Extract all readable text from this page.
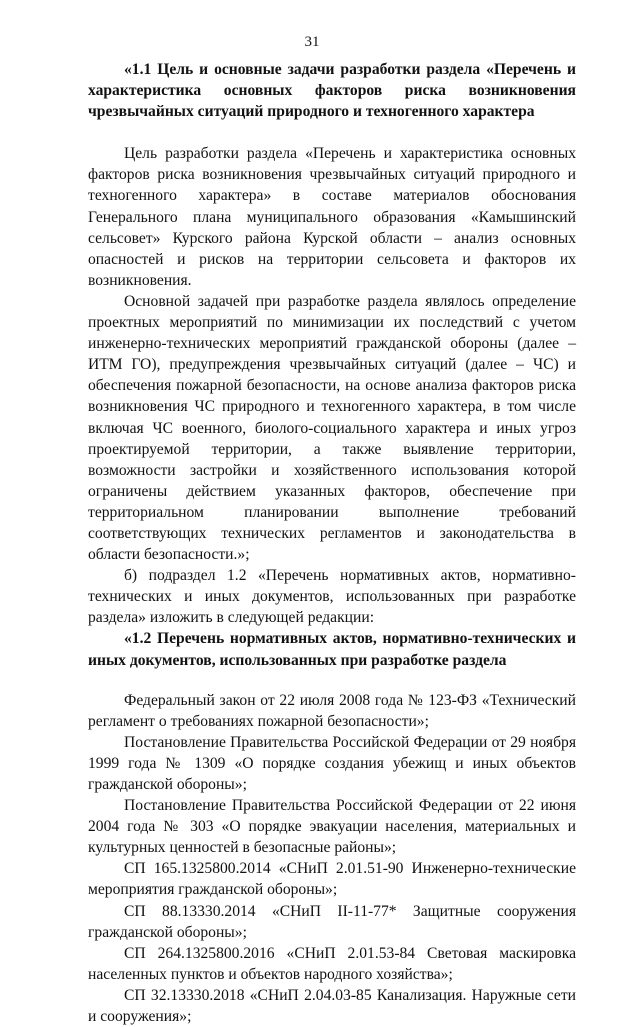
31

«1.1 Цель и основные задачи разработки раздела «Перечень и характеристика основных факторов риска возникновения чрезвычайных ситуаций природного и техногенного характера

Цель разработки раздела «Перечень и характеристика основных факторов риска возникновения чрезвычайных ситуаций природного и техногенного характера» в составе материалов обоснования Генерального плана муниципального образования «Камышинский сельсовет» Курского района Курской области – анализ основных опасностей и рисков на территории сельсовета и факторов их возникновения.

Основной задачей при разработке раздела являлось определение проектных мероприятий по минимизации их последствий с учетом инженерно-технических мероприятий гражданской обороны (далее – ИТМ ГО), предупреждения чрезвычайных ситуаций (далее – ЧС) и обеспечения пожарной безопасности, на основе анализа факторов риска возникновения ЧС природного и техногенного характера, в том числе включая ЧС военного, биолого-социального характера и иных угроз проектируемой территории, а также выявление территории, возможности застройки и хозяйственного использования которой ограничены действием указанных факторов, обеспечение при территориальном планировании выполнение требований соответствующих технических регламентов и законодательства в области безопасности.»;

б) подраздел 1.2 «Перечень нормативных актов, нормативно-технических и иных документов, использованных при разработке раздела» изложить в следующей редакции:

«1.2 Перечень нормативных актов, нормативно-технических и иных документов, использованных при разработке раздела

Федеральный закон от 22 июля 2008 года № 123-ФЗ «Технический регламент о требованиях пожарной безопасности»;

Постановление Правительства Российской Федерации от 29 ноября 1999 года № 1309 «О порядке создания убежищ и иных объектов гражданской обороны»;

Постановление Правительства Российской Федерации от 22 июня 2004 года № 303 «О порядке эвакуации населения, материальных и культурных ценностей в безопасные районы»;

СП 165.1325800.2014 «СНиП 2.01.51-90 Инженерно-технические мероприятия гражданской обороны»;

СП 88.13330.2014 «СНиП II-11-77* Защитные сооружения гражданской обороны»;

СП 264.1325800.2016 «СНиП 2.01.53-84 Световая маскировка населенных пунктов и объектов народного хозяйства»;

СП 32.13330.2018 «СНиП 2.04.03-85 Канализация. Наружные сети и сооружения»;
